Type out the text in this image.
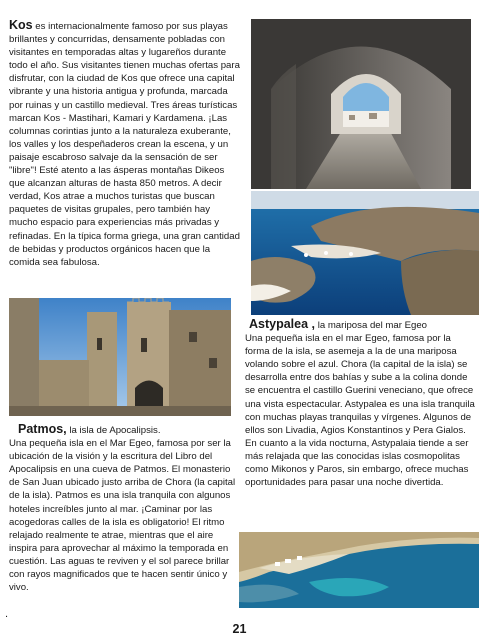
Kos es internacionalmente famoso por sus playas brillantes y concurridas, densamente pobladas con visitantes en temporadas altas y lugareños durante todo el año. Sus visitantes tienen muchas ofertas para disfrutar, con la ciudad de Kos que ofrece una capital vibrante y una historia antigua y profunda, marcada por ruinas y un castillo medieval. Tres áreas turísticas marcan Kos - Mastihari, Kamari y Kardamena. ¡Las columnas corintias junto a la naturaleza exuberante, los valles y los despeñaderos crean la escena, y un paisaje escabroso salvaje da la sensación de ser "libre"! Esté atento a las ásperas montañas Dikeos que alcanzan alturas de hasta 850 metros. A decir verdad, Kos atrae a muchos turistas que buscan paquetes de visitas grupales, pero también hay mucho espacio para experiencias más privadas y refinadas. En la típica forma griega, una gran cantidad de bebidas y productos orgánicos hacen que la comida sea fabulosa.
Astypalea , la mariposa del mar Egeo
Una pequeña isla en el mar Egeo, famosa por la forma de la isla, se asemeja a la de una mariposa volando sobre el azul. Chora (la capital de la isla) se desarrolla entre dos bahías y sube a la colina donde se encuentra el castillo Guerini veneciano, que ofrece una vista espectacular. Astypalea es una isla tranquila con muchas playas tranquilas y vírgenes. Algunos de ellos son Livadia, Agios Konstantinos y Pera Gialos. En cuanto a la vida nocturna, Astypalaia tiende a ser más relajada que las conocidas islas cosmopolitas como Mikonos y Paros, sin embargo, ofrece muchas oportunidades para pasar una noche divertida.
Patmos, la isla de Apocalipsis.
Una pequeña isla en el Mar Egeo, famosa por ser la ubicación de la visión y la escritura del Libro del Apocalipsis en una cueva de Patmos. El monasterio de San Juan ubicado justo arriba de Chora (la capital de la isla). Patmos es una isla tranquila con algunos hoteles increíbles junto al mar. ¡Caminar por las acogedoras calles de la isla es obligatorio! El ritmo relajado realmente te atrae, mientras que el aire inspira para aprovechar al máximo la temporada en cuestión. Las aguas te reviven y el sol parece brillar con rayos magnificados que te hacen sentir único y vivo.
.
21
